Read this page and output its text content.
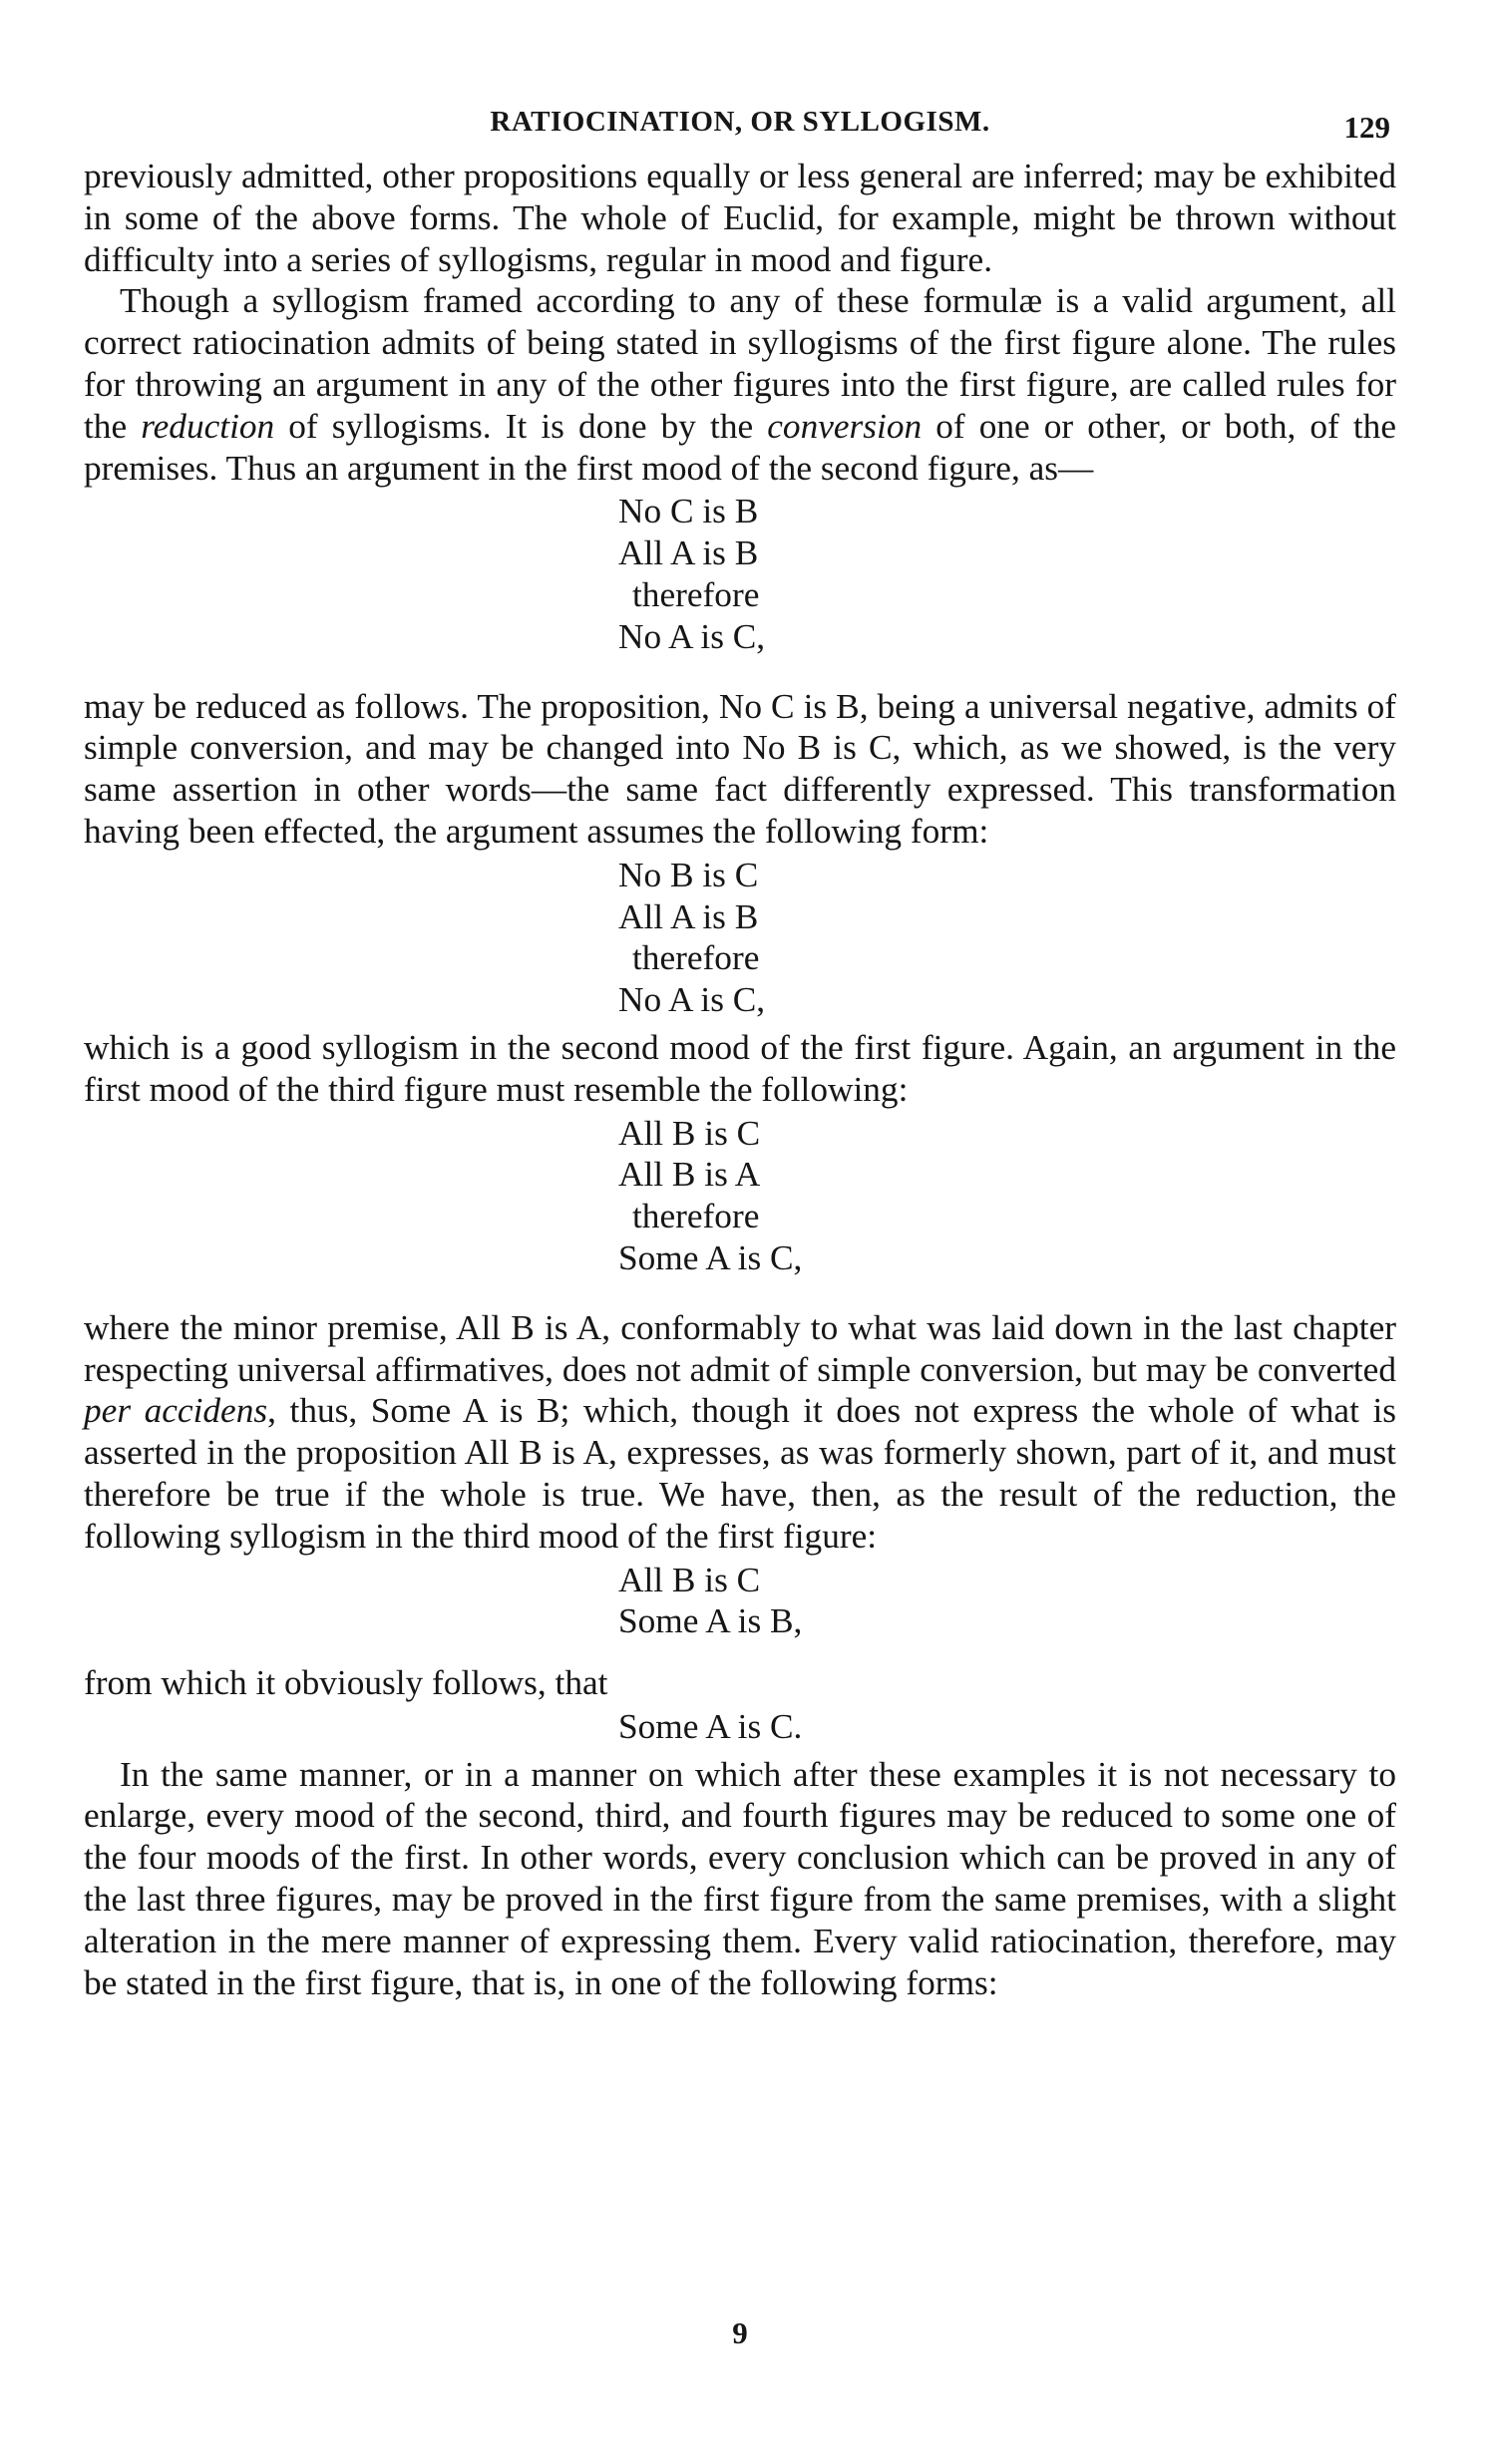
RATIOCINATION, OR SYLLOGISM.	129

previously admitted, other propositions equally or less general are inferred; may be exhibited in some of the above forms. The whole of Euclid, for example, might be thrown without difficulty into a series of syllogisms, regular in mood and figure.

Though a syllogism framed according to any of these formulæ is a valid argument, all correct ratiocination admits of being stated in syllogisms of the first figure alone. The rules for throwing an argument in any of the other figures into the first figure, are called rules for the reduction of syllogisms. It is done by the conversion of one or other, or both, of the premises. Thus an argument in the first mood of the second figure, as—

No C is B
All A is B
therefore
No A is C,

may be reduced as follows. The proposition, No C is B, being a universal negative, admits of simple conversion, and may be changed into No B is C, which, as we showed, is the very same assertion in other words—the same fact differently expressed. This transformation having been effected, the argument assumes the following form:

No B is C
All A is B
therefore
No A is C,

which is a good syllogism in the second mood of the first figure. Again, an argument in the first mood of the third figure must resemble the following:

All B is C
All B is A
therefore
Some A is C,

where the minor premise, All B is A, conformably to what was laid down in the last chapter respecting universal affirmatives, does not admit of simple conversion, but may be converted per accidens, thus, Some A is B; which, though it does not express the whole of what is asserted in the proposition All B is A, expresses, as was formerly shown, part of it, and must therefore be true if the whole is true. We have, then, as the result of the reduction, the following syllogism in the third mood of the first figure:

All B is C
Some A is B,

from which it obviously follows, that

Some A is C.

In the same manner, or in a manner on which after these examples it is not necessary to enlarge, every mood of the second, third, and fourth figures may be reduced to some one of the four moods of the first. In other words, every conclusion which can be proved in any of the last three figures, may be proved in the first figure from the same premises, with a slight alteration in the mere manner of expressing them. Every valid ratiocination, therefore, may be stated in the first figure, that is, in one of the following forms:

9
